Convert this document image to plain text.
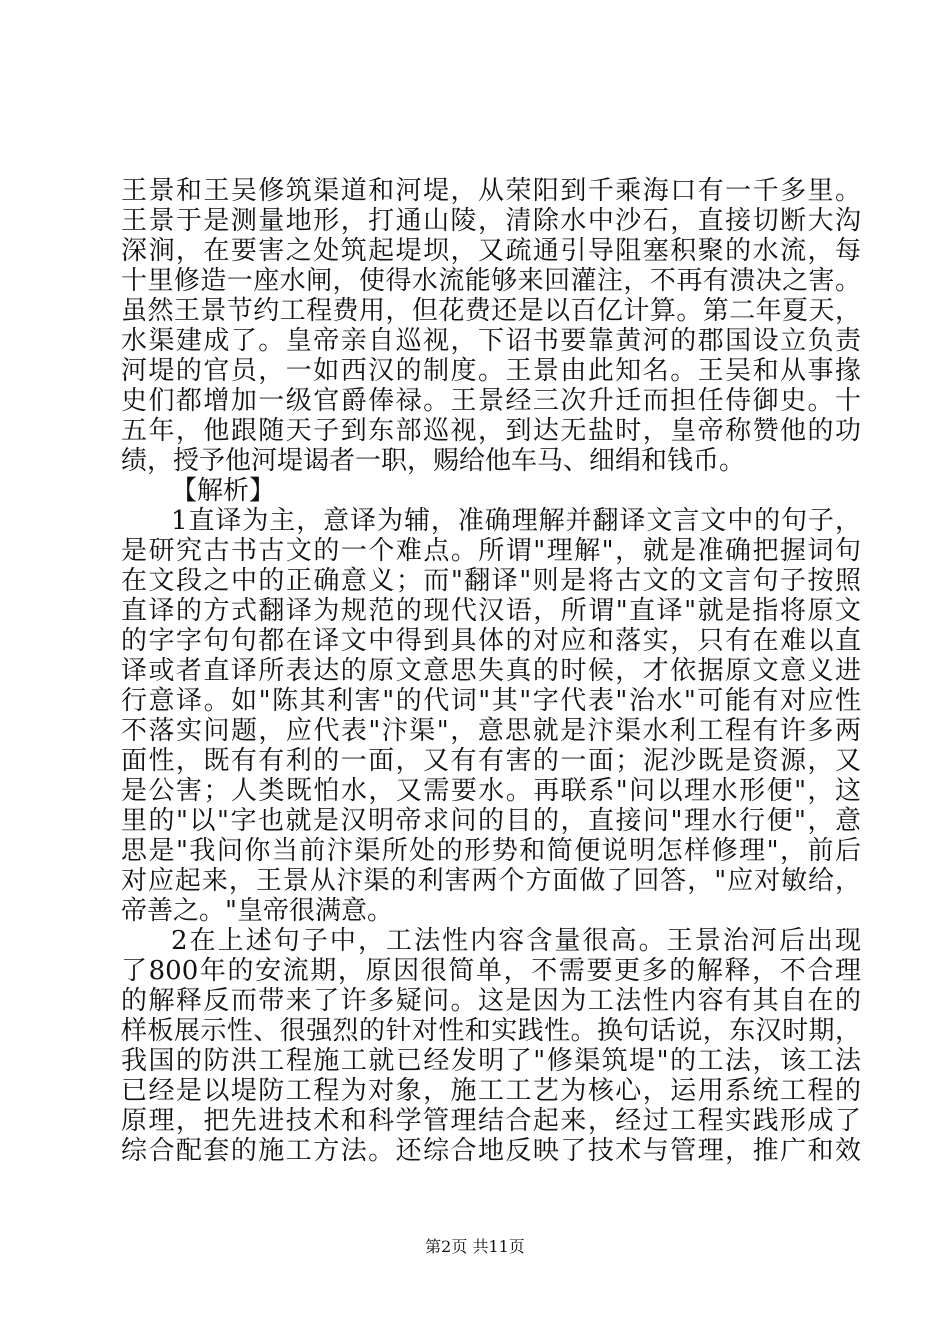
王景和王吴修筑渠道和河堤，从荣阳到千乘海口有一千多里。
王景于是测量地形，打通山陵，清除水中沙石，直接切断大沟
深涧，在要害之处筑起堤坝，又疏通引导阻塞积聚的水流，每
十里修造一座水闸，使得水流能够来回灌注，不再有溃决之害。
虽然王景节约工程费用，但花费还是以百亿计算。第二年夏天，
水渠建成了。皇帝亲自巡视，下诏书要靠黄河的郡国设立负责
河堤的官员，一如西汉的制度。王景由此知名。王吴和从事掾
史们都增加一级官爵俸禄。王景经三次升迁而担任侍御史。十
五年，他跟随天子到东部巡视，到达无盐时，皇帝称赞他的功
绩，授予他河堤谒者一职，赐给他车马、细绢和钱币。
【解析】
1直译为主，意译为辅，准确理解并翻译文言文中的句子，
是研究古书古文的一个难点。所谓"理解"，就是准确把握词句
在文段之中的正确意义；而"翻译"则是将古文的文言句子按照
直译的方式翻译为规范的现代汉语，所谓"直译"就是指将原文
的字字句句都在译文中得到具体的对应和落实，只有在难以直
译或者直译所表达的原文意思失真的时候，才依据原文意义进
行意译。如"陈其利害"的代词"其"字代表"治水"可能有对应性
不落实问题，应代表"汴渠"，意思就是汴渠水利工程有许多两
面性，既有有利的一面，又有有害的一面；泥沙既是资源，又
是公害；人类既怕水，又需要水。再联系"问以理水形便"，这
里的"以"字也就是汉明帝求问的目的，直接问"理水行便"，意
思是"我问你当前汴渠所处的形势和简便说明怎样修理"，前后
对应起来，王景从汴渠的利害两个方面做了回答，"应对敏给，
帝善之。"皇帝很满意。
2在上述句子中，工法性内容含量很高。王景治河后出现
了800年的安流期，原因很简单，不需要更多的解释，不合理
的解释反而带来了许多疑问。这是因为工法性内容有其自在的
样板展示性、很强烈的针对性和实践性。换句话说，东汉时期，
我国的防洪工程施工就已经发明了"修渠筑堤"的工法，该工法
已经是以堤防工程为对象，施工工艺为核心，运用系统工程的
原理，把先进技术和科学管理结合起来，经过工程实践形成了
综合配套的施工方法。还综合地反映了技术与管理，推广和效
第2页 共11页
